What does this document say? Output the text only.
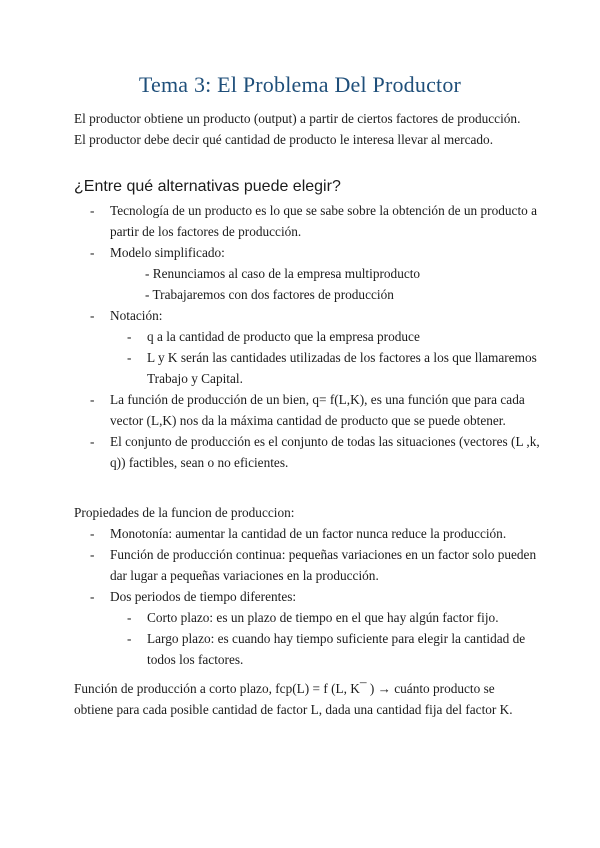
Tema 3: El Problema Del Productor
El productor obtiene un producto (output) a partir de ciertos factores de producción. El productor debe decir qué cantidad de producto le interesa llevar al mercado.
¿Entre qué alternativas puede elegir?
- Tecnología de un producto es lo que se sabe sobre la obtención de un producto a partir de los factores de producción.
- Modelo simplificado:
- Renunciamos al caso de la empresa multiproducto
- Trabajaremos con dos factores de producción
- Notación:
- q a la cantidad de producto que la empresa produce
- L y K serán las cantidades utilizadas de los factores a los que llamaremos Trabajo y Capital.
- La función de producción de un bien, q= f(L,K), es una función que para cada vector (L,K) nos da la máxima cantidad de producto que se puede obtener.
- El conjunto de producción es el conjunto de todas las situaciones (vectores (L ,k, q)) factibles, sean o no eficientes.
Propiedades de la funcion de produccion:
- Monotonía: aumentar la cantidad de un factor nunca reduce la producción.
- Función de producción continua: pequeñas variaciones en un factor solo pueden dar lugar a pequeñas variaciones en la producción.
- Dos periodos de tiempo diferentes:
- Corto plazo: es un plazo de tiempo en el que hay algún factor fijo.
- Largo plazo: es cuando hay tiempo suficiente para elegir la cantidad de todos los factores.
Función de producción a corto plazo, fcp(L) = f (L, K¯ ) → cuánto producto se obtiene para cada posible cantidad de factor L, dada una cantidad fija del factor K.
